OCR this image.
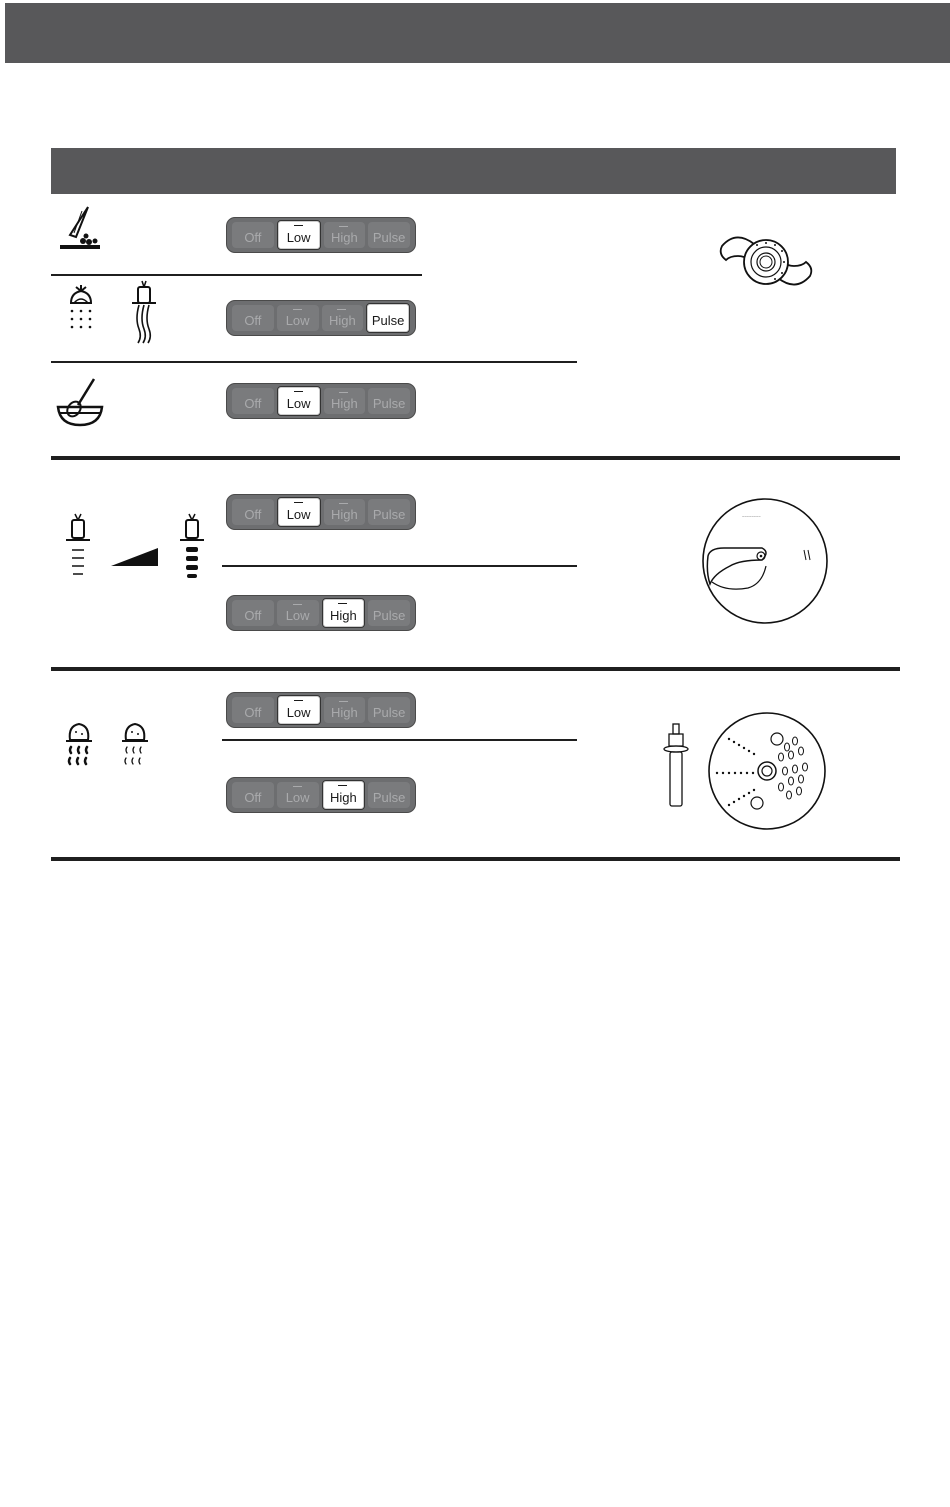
Off Low High Pulse
Off Low High Pulse
Off Low High Pulse
Off Low High Pulse
Off Low High Pulse
Off Low High Pulse
Off Low High Pulse
~~~~~~~~
